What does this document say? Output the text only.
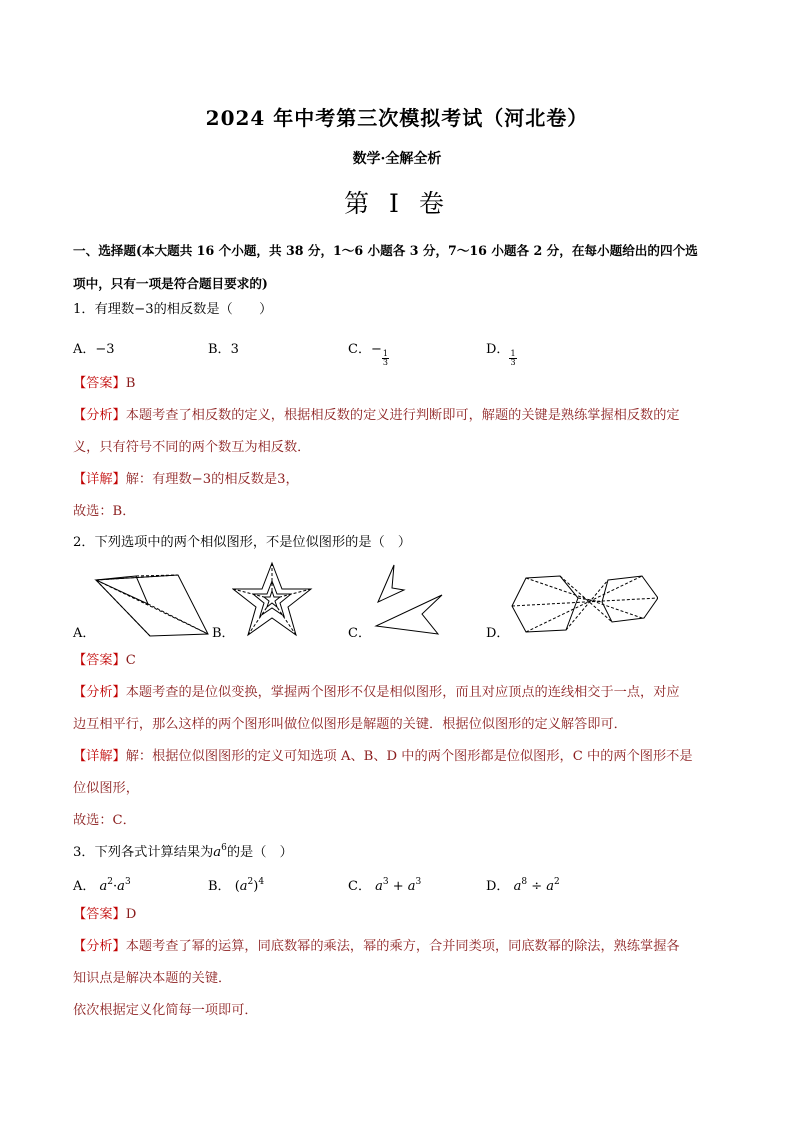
2024 年中考第三次模拟考试（河北卷）
数学·全解全析
第 I 卷
一、选择题(本大题共 16 个小题，共 38 分，1～6 小题各 3 分，7～16 小题各 2 分，在每小题给出的四个选
项中，只有一项是符合题目要求的)
1．有理数−3的相反数是（　　）
A．−3	B．3	C．−
$\frac{1}{3}$
D．
$\frac{1}{3}$
【答案】B
【分析】本题考查了相反数的定义，根据相反数的定义进行判断即可，解题的关键是熟练掌握相反数的定
义，只有符号不同的两个数互为相反数．
【详解】解：有理数−3的相反数是3，
故选：B．
2．下列选项中的两个相似图形，不是位似图形的是（　）
A．	B．	C．	D．
【答案】C
【分析】本题考查的是位似变换，掌握两个图形不仅是相似图形，而且对应顶点的连线相交于一点，对应
边互相平行，那么这样的两个图形叫做位似图形是解题的关键．根据位似图形的定义解答即可．
【详解】解：根据位似图图形的定义可知选项 A、B、D 中的两个图形都是位似图形，C 中的两个图形不是
位似图形，
故选：C．
3．下列各式计算结果为$a^6$的是（　）
A． $a^2\cdot a^3$	B． $(a^2)^4$	C． $a^3 + a^3$	D． $a^8 \div a^2$
【答案】D
【分析】本题考查了幂的运算，同底数幂的乘法，幂的乘方，合并同类项，同底数幂的除法，熟练掌握各
知识点是解决本题的关键．
依次根据定义化简每一项即可．
